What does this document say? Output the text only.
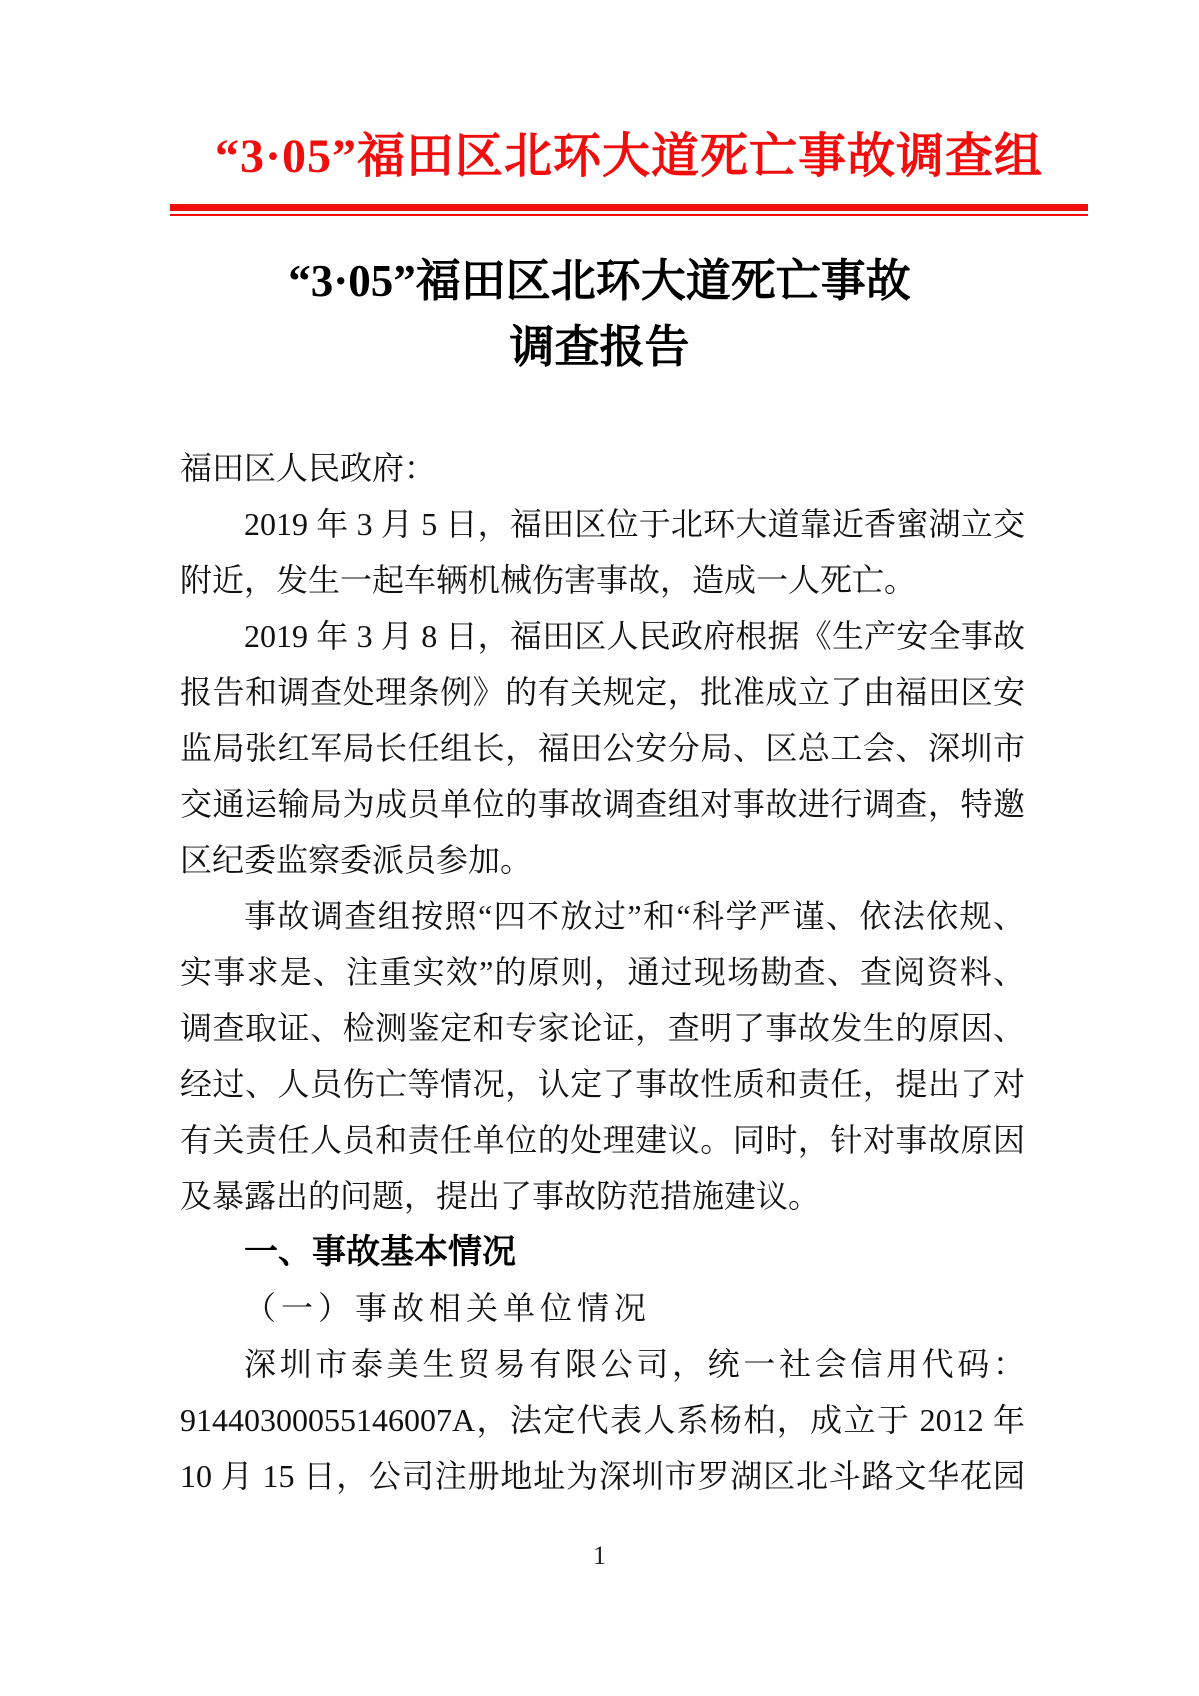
“3·05”福田区北环大道死亡事故调查组
“3·05”福田区北环大道死亡事故
调查报告
福田区人民政府：
2019 年 3 月 5 日，福田区位于北环大道靠近香蜜湖立交
附近，发生一起车辆机械伤害事故，造成一人死亡。
2019 年 3 月 8 日，福田区人民政府根据《生产安全事故
报告和调查处理条例》的有关规定，批准成立了由福田区安
监局张红军局长任组长，福田公安分局、区总工会、深圳市
交通运输局为成员单位的事故调查组对事故进行调查，特邀
区纪委监察委派员参加。
事故调查组按照“四不放过”和“科学严谨、依法依规、
实事求是、注重实效”的原则，通过现场勘查、查阅资料、
调查取证、检测鉴定和专家论证，查明了事故发生的原因、
经过、人员伤亡等情况，认定了事故性质和责任，提出了对
有关责任人员和责任单位的处理建议。同时，针对事故原因
及暴露出的问题，提出了事故防范措施建议。
一、事故基本情况
（一）事故相关单位情况
深圳市泰美生贸易有限公司，统一社会信用代码：
91440300055146007A，法定代表人系杨柏，成立于 2012 年
10 月 15 日，公司注册地址为深圳市罗湖区北斗路文华花园
1
